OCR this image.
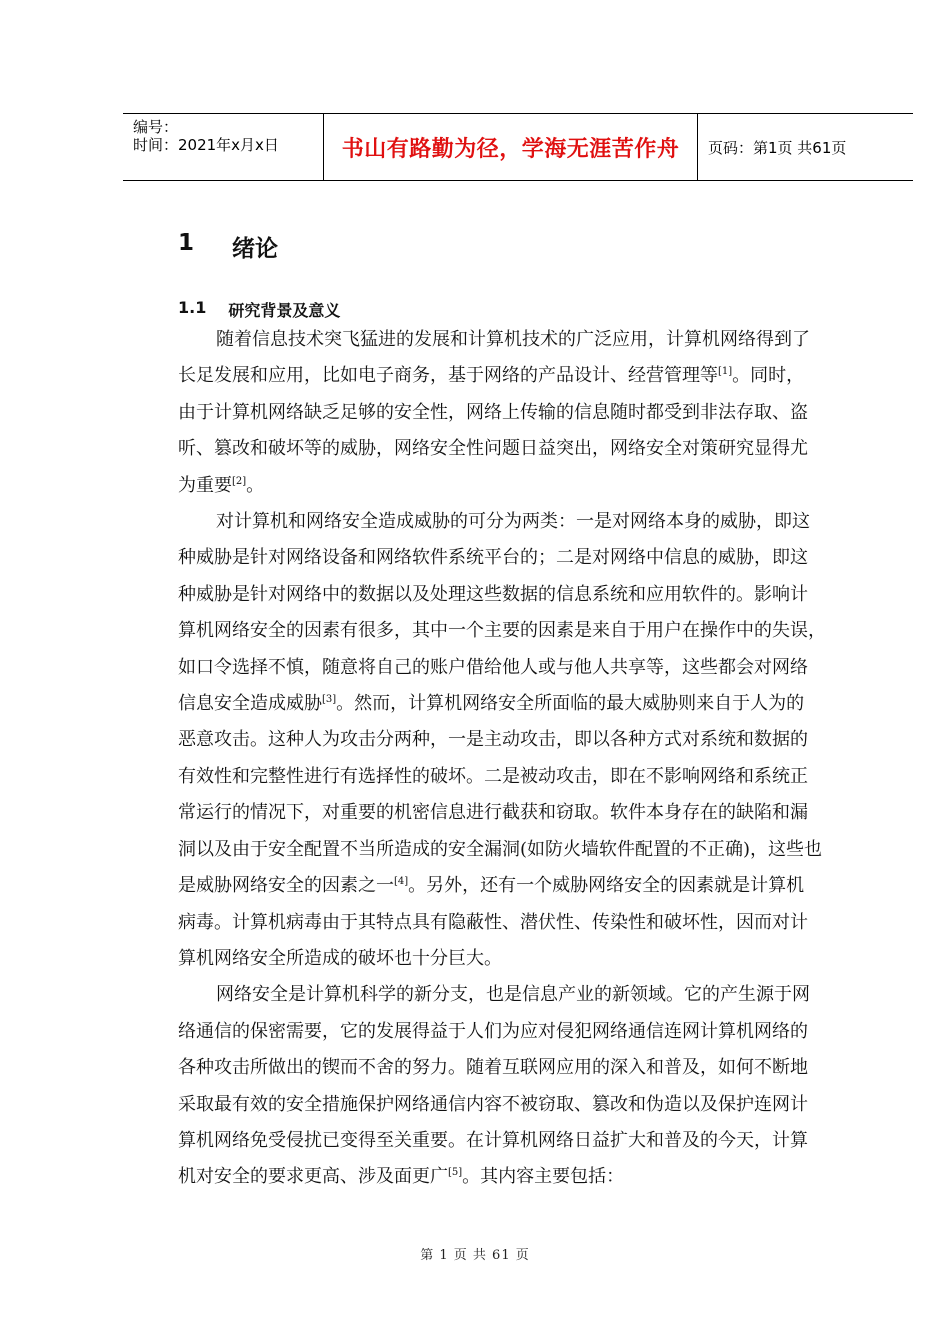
编号：
时间：2021年x月x日	书山有路勤为径，学海无涯苦作舟	页码：第1页 共61页
1 绪论
1.1 研究背景及意义
随着信息技术突飞猛进的发展和计算机技术的广泛应用，计算机网络得到了
长足发展和应用，比如电子商务，基于网络的产品设计、经营管理等[1]。同时，
由于计算机网络缺乏足够的安全性，网络上传输的信息随时都受到非法存取、盗
听、篡改和破坏等的威胁，网络安全性问题日益突出，网络安全对策研究显得尤
为重要[2]。
对计算机和网络安全造成威胁的可分为两类：一是对网络本身的威胁，即这
种威胁是针对网络设备和网络软件系统平台的；二是对网络中信息的威胁，即这
种威胁是针对网络中的数据以及处理这些数据的信息系统和应用软件的。影响计
算机网络安全的因素有很多，其中一个主要的因素是来自于用户在操作中的失误，
如口令选择不慎，随意将自己的账户借给他人或与他人共享等，这些都会对网络
信息安全造成威胁[3]。然而，计算机网络安全所面临的最大威胁则来自于人为的
恶意攻击。这种人为攻击分两种，一是主动攻击，即以各种方式对系统和数据的
有效性和完整性进行有选择性的破坏。二是被动攻击，即在不影响网络和系统正
常运行的情况下，对重要的机密信息进行截获和窃取。软件本身存在的缺陷和漏
洞以及由于安全配置不当所造成的安全漏洞(如防火墙软件配置的不正确)，这些也
是威胁网络安全的因素之一[4]。另外，还有一个威胁网络安全的因素就是计算机
病毒。计算机病毒由于其特点具有隐蔽性、潜伏性、传染性和破坏性，因而对计
算机网络安全所造成的破坏也十分巨大。
网络安全是计算机科学的新分支，也是信息产业的新领域。它的产生源于网
络通信的保密需要，它的发展得益于人们为应对侵犯网络通信连网计算机网络的
各种攻击所做出的锲而不舍的努力。随着互联网应用的深入和普及，如何不断地
采取最有效的安全措施保护网络通信内容不被窃取、篡改和伪造以及保护连网计
算机网络免受侵扰已变得至关重要。在计算机网络日益扩大和普及的今天，计算
机对安全的要求更高、涉及面更广[5]。其内容主要包括：
第 1 页 共 61 页
